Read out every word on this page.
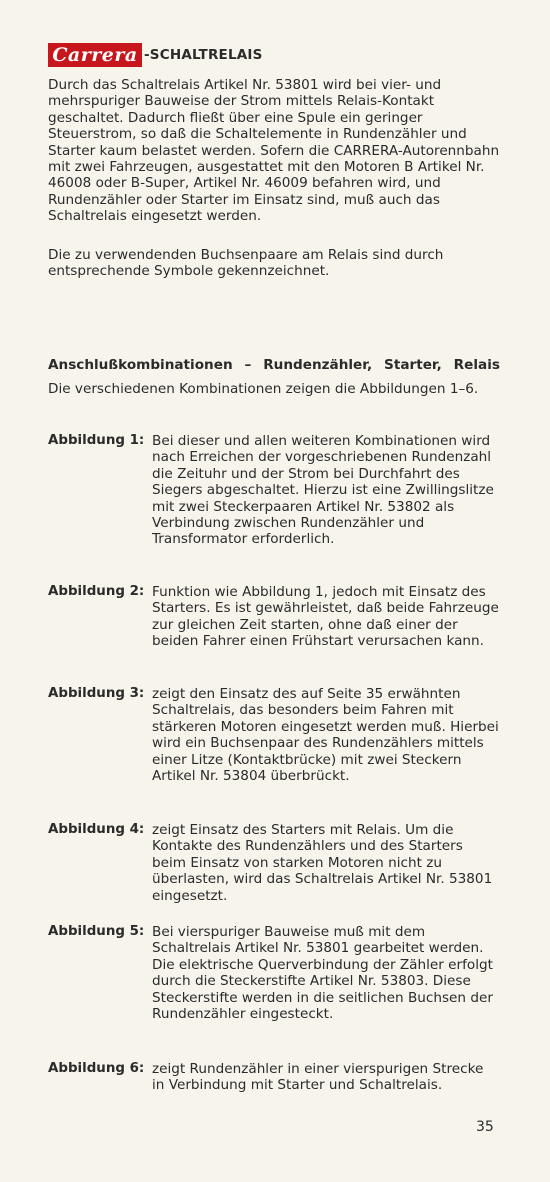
Carrera -SCHALTRELAIS

Durch das Schaltrelais Artikel Nr. 53801 wird bei vier- und mehrspuriger Bauweise der Strom mittels Relais-Kontakt geschaltet. Dadurch fließt über eine Spule ein geringer Steuerstrom, so daß die Schaltelemente in Rundenzähler und Starter kaum belastet werden. Sofern die CARRERA-Autorennbahn mit zwei Fahrzeugen, ausgestattet mit den Motoren B Artikel Nr. 46008 oder B-Super, Artikel Nr. 46009 befahren wird, und Rundenzähler oder Starter im Einsatz sind, muß auch das Schaltrelais eingesetzt werden.

Die zu verwendenden Buchsenpaare am Relais sind durch entsprechende Symbole gekennzeichnet.

Anschlußkombinationen – Rundenzähler, Starter, Relais

Die verschiedenen Kombinationen zeigen die Abbildungen 1–6.

Abbildung 1: Bei dieser und allen weiteren Kombinationen wird nach Erreichen der vorgeschriebenen Rundenzahl die Zeituhr und der Strom bei Durchfahrt des Siegers abgeschaltet. Hierzu ist eine Zwillingslitze mit zwei Steckerpaaren Artikel Nr. 53802 als Verbindung zwischen Rundenzähler und Transformator erforderlich.

Abbildung 2: Funktion wie Abbildung 1, jedoch mit Einsatz des Starters. Es ist gewährleistet, daß beide Fahrzeuge zur gleichen Zeit starten, ohne daß einer der beiden Fahrer einen Frühstart verursachen kann.

Abbildung 3: zeigt den Einsatz des auf Seite 35 erwähnten Schaltrelais, das besonders beim Fahren mit stärkeren Motoren eingesetzt werden muß. Hierbei wird ein Buchsenpaar des Rundenzählers mittels einer Litze (Kontaktbrücke) mit zwei Steckern Artikel Nr. 53804 überbrückt.

Abbildung 4: zeigt Einsatz des Starters mit Relais. Um die Kontakte des Rundenzählers und des Starters beim Einsatz von starken Motoren nicht zu überlasten, wird das Schaltrelais Artikel Nr. 53801 eingesetzt.

Abbildung 5: Bei vierspuriger Bauweise muß mit dem Schaltrelais Artikel Nr. 53801 gearbeitet werden. Die elektrische Querverbindung der Zähler erfolgt durch die Steckerstifte Artikel Nr. 53803. Diese Steckerstifte werden in die seitlichen Buchsen der Rundenzähler eingesteckt.

Abbildung 6: zeigt Rundenzähler in einer vierspurigen Strecke in Verbindung mit Starter und Schaltrelais.

35
